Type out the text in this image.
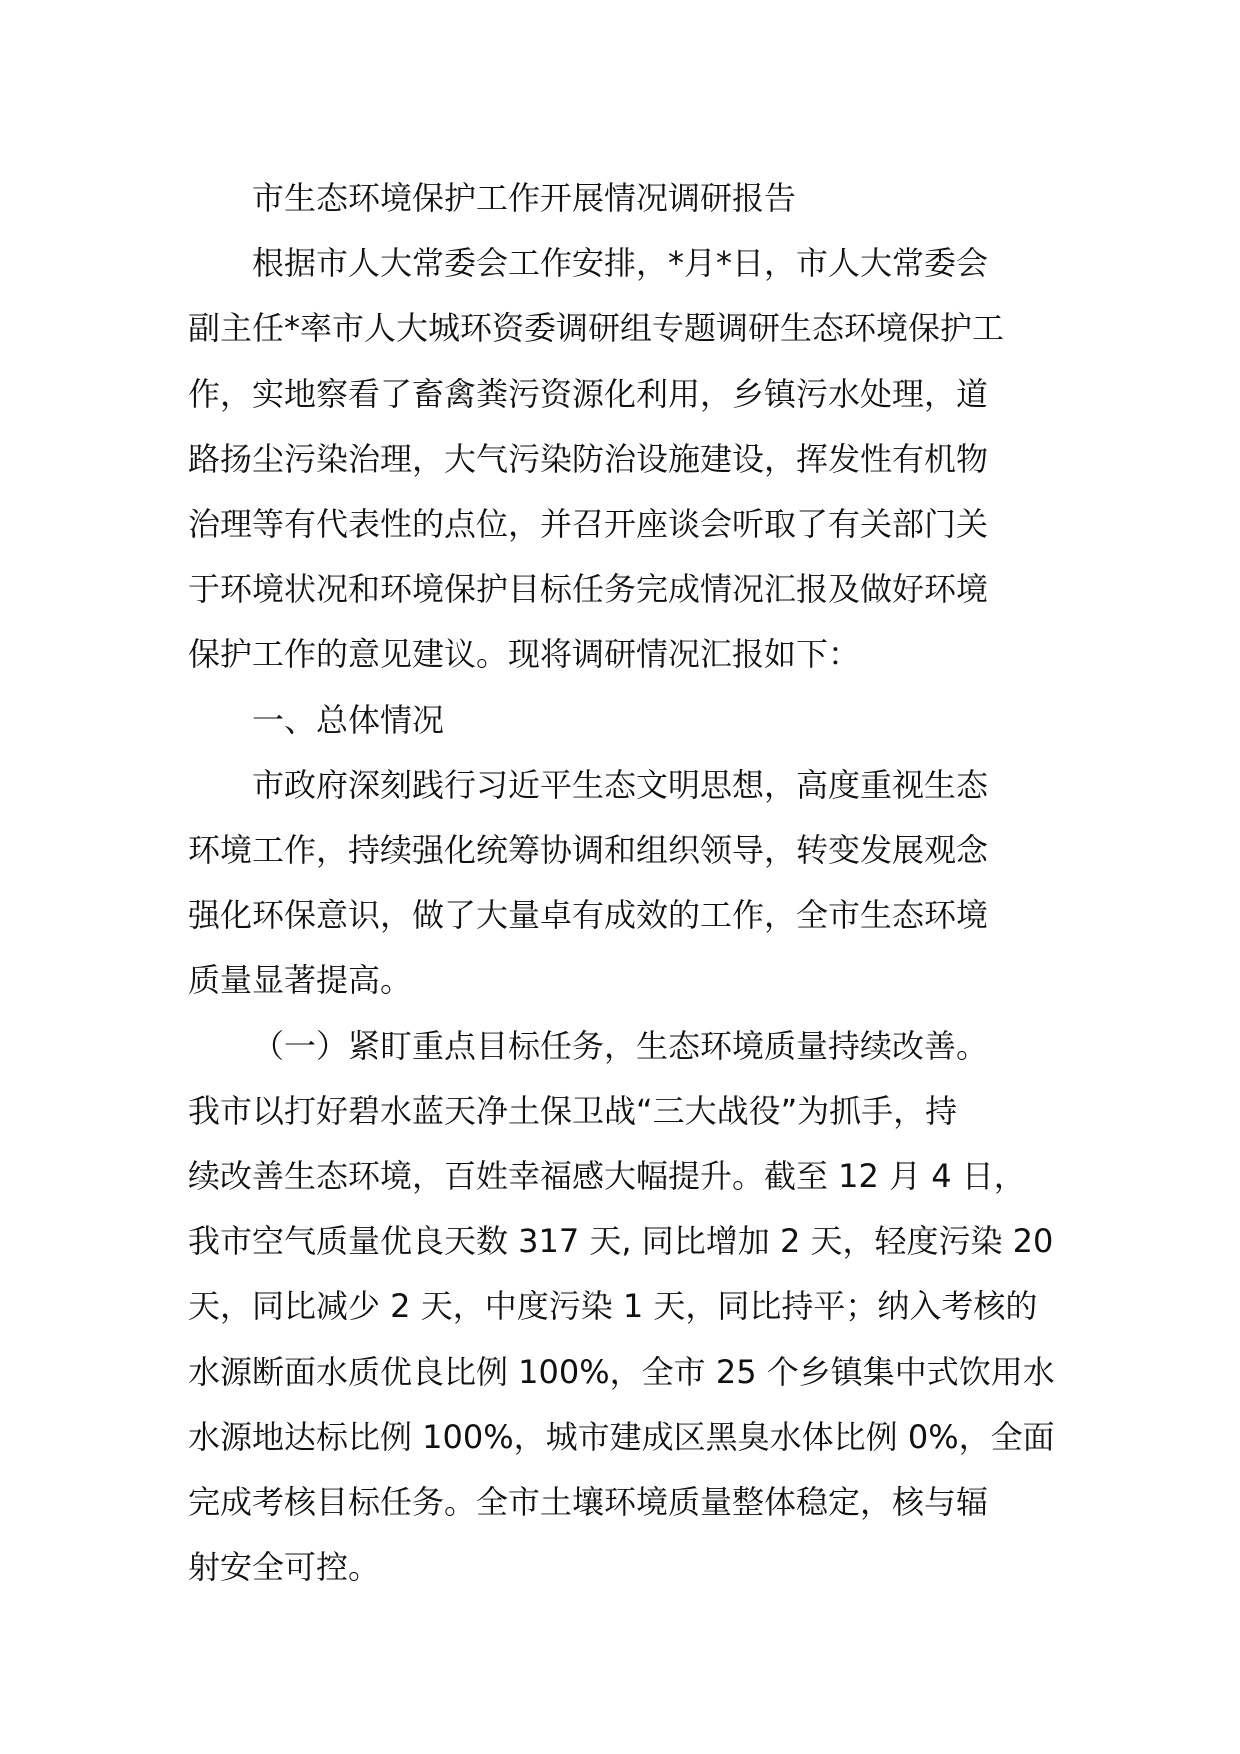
市生态环境保护工作开展情况调研报告

根据市人大常委会工作安排，*月*日，市人大常委会
副主任*率市人大城环资委调研组专题调研生态环境保护工
作，实地察看了畜禽粪污资源化利用，乡镇污水处理，道
路扬尘污染治理，大气污染防治设施建设，挥发性有机物
治理等有代表性的点位，并召开座谈会听取了有关部门关
于环境状况和环境保护目标任务完成情况汇报及做好环境
保护工作的意见建议。现将调研情况汇报如下：

一、总体情况

市政府深刻践行习近平生态文明思想，高度重视生态
环境工作，持续强化统筹协调和组织领导，转变发展观念
强化环保意识，做了大量卓有成效的工作，全市生态环境
质量显著提高。

（一）紧盯重点目标任务，生态环境质量持续改善。
我市以打好碧水蓝天净土保卫战“三大战役”为抓手，持
续改善生态环境，百姓幸福感大幅提升。截至 12 月 4 日，
我市空气质量优良天数 317 天, 同比增加 2 天，轻度污染 20
天，同比减少 2 天，中度污染 1 天，同比持平；纳入考核的
水源断面水质优良比例 100%，全市 25 个乡镇集中式饮用水
水源地达标比例 100%，城市建成区黑臭水体比例 0%，全面
完成考核目标任务。全市土壤环境质量整体稳定，核与辐
射安全可控。
